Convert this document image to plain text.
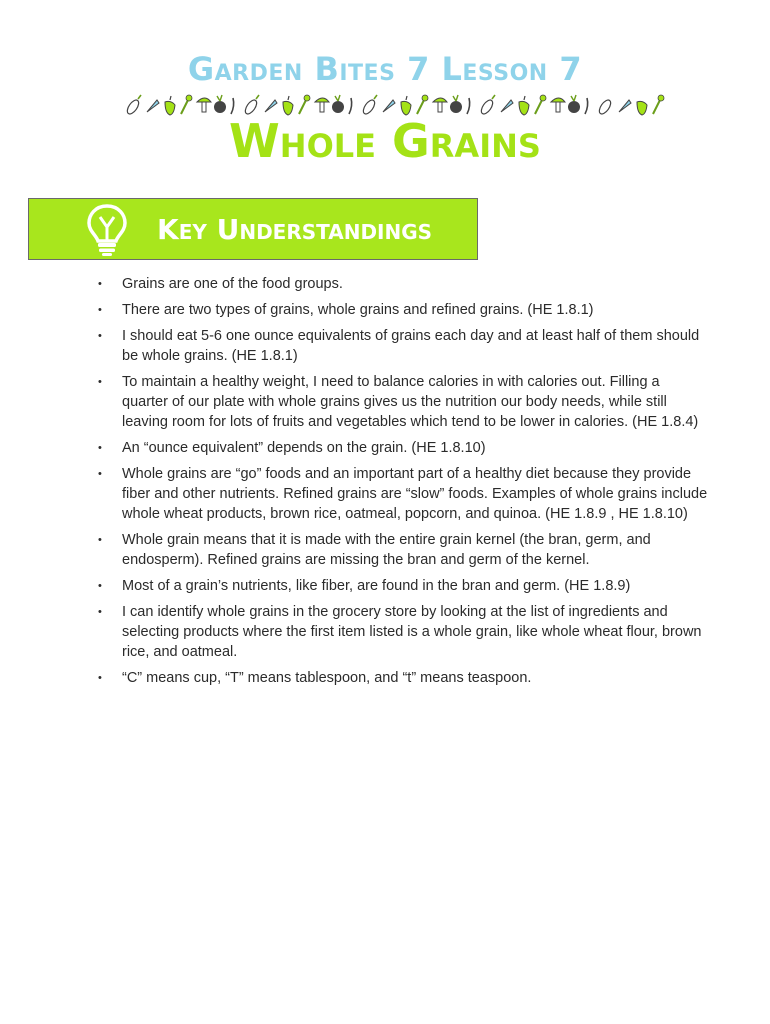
Garden Bites 7 Lesson 7
Whole Grains
Key Understandings
• Grains are one of the food groups.
• There are two types of grains, whole grains and refined grains. (HE 1.8.1)
• I should eat 5-6 one ounce equivalents of grains each day and at least half of them should be whole grains. (HE 1.8.1)
• To maintain a healthy weight, I need to balance calories in with calories out. Filling a quarter of our plate with whole grains gives us the nutrition our body needs, while still leaving room for lots of fruits and vegetables which tend to be lower in calories. (HE 1.8.4)
• An “ounce equivalent” depends on the grain. (HE 1.8.10)
• Whole grains are “go” foods and an important part of a healthy diet because they provide fiber and other nutrients. Refined grains are “slow” foods. Examples of whole grains include whole wheat products, brown rice, oatmeal, popcorn, and quinoa. (HE 1.8.9 , HE 1.8.10)
• Whole grain means that it is made with the entire grain kernel (the bran, germ, and endosperm). Refined grains are missing the bran and germ of the kernel.
• Most of a grain’s nutrients, like fiber, are found in the bran and germ. (HE 1.8.9)
• I can identify whole grains in the grocery store by looking at the list of ingredients and selecting products where the first item listed is a whole grain, like whole wheat flour, brown rice, and oatmeal.
• “C” means cup, “T” means tablespoon, and “t” means teaspoon.
